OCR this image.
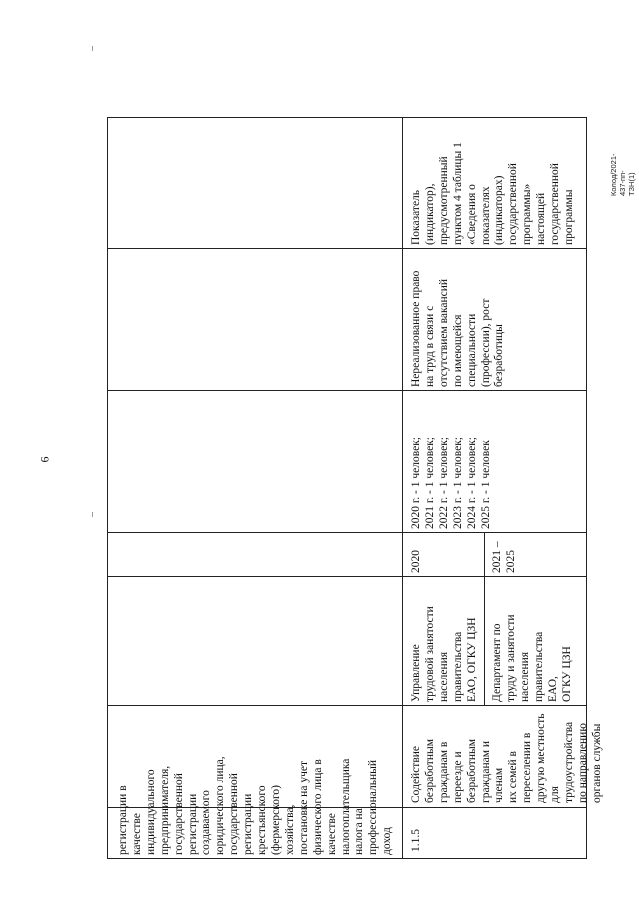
6
регистрации в
качестве
индивидуального
предпринимателя,
государственной
регистрации
создаваемого
юридического лица,
государственной
регистрации
крестьянского
(фермерского)
хозяйства,
постановке на учет
физического лица в
качестве
налогоплательщика
налога на
профессиональный
доход 1.1.5
Содействие
безработным
гражданам в
переезде и
безработным
гражданам и членам
их семей в
переселении в
другую местность
для трудоустройства
по направлению
органов службы
Управление
трудовой занятости
населения
правительства
ЕАО, ОГКУ ЦЗН
Департамент по
труду и занятости
населения
правительства
ЕАО,
ОГКУ ЦЗН
2020	2021 –
2025
2020 г. - 1 человек;
2021 г. - 1 человек;
2022 г. - 1 человек;
2023 г. - 1 человек;
2024 г. - 1 человек;
2025 г. - 1 человек
Нереализованное право
на труд в связи с
отсутствием вакансий
по имеющейся
специальности
(профессии), рост
безработицы
Показатель
(индикатор),
предусмотренный
пунктом 4 таблицы 1
«Сведения о
показателях
(индикаторах)
государственной
программы»
настоящей
государственной
программы
Колод/2021-437-пп-ТЗН(1)
